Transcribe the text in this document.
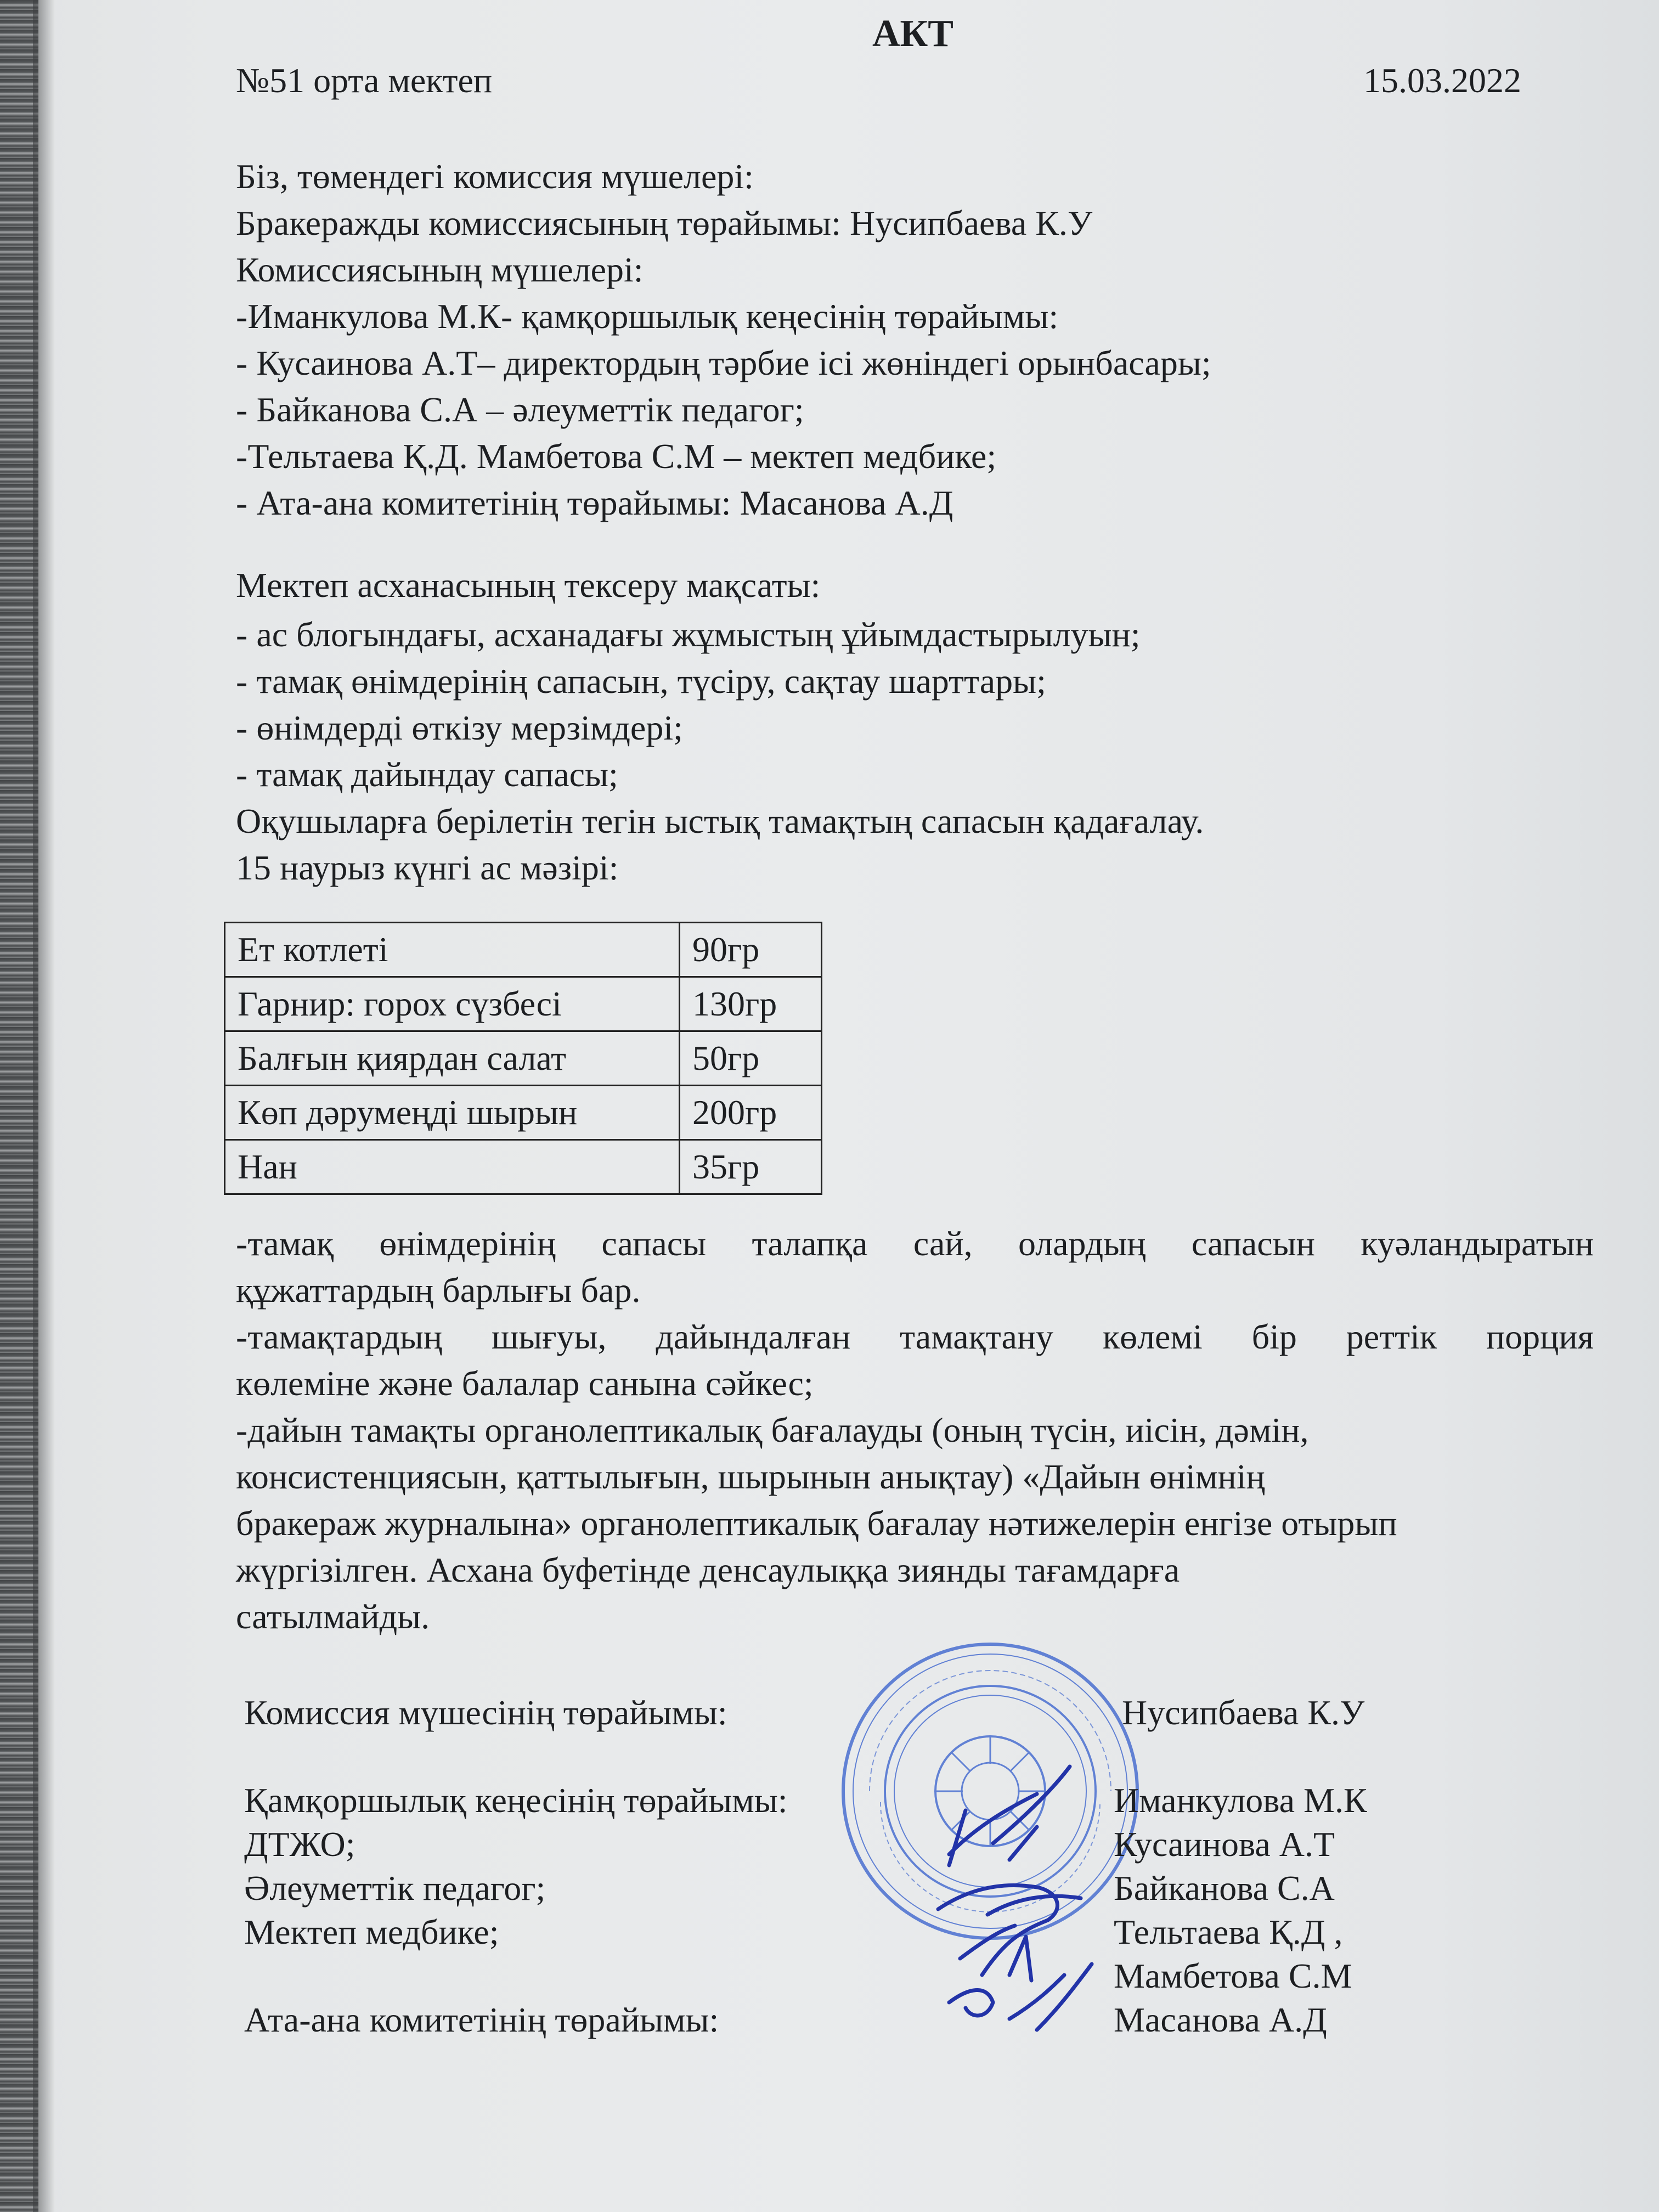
АКТ
№51 орта мектеп	15.03.2022
Біз, төмендегі комиссия мүшелері:
Бракеражды комиссиясының төрайымы: Нусипбаева К.У
Комиссиясының мүшелері:
-Иманкулова М.К- қамқоршылық кеңесінің төрайымы:
- Кусаинова А.Т– директордың тәрбие ісі жөніндегі орынбасары;
- Байканова С.А – әлеуметтік педагог;
-Тельтаева Қ.Д. Мамбетова С.М – мектеп медбике;
- Ата-ана комитетінің төрайымы: Масанова А.Д
Мектеп асханасының тексеру мақсаты:
- ас блогындағы, асханадағы жұмыстың ұйымдастырылуын;
- тамақ өнімдерінің сапасын, түсіру, сақтау шарттары;
- өнімдерді өткізу мерзімдері;
- тамақ дайындау сапасы;
Оқушыларға берілетін тегін ыстық тамақтың сапасын қадағалау.
15 наурыз күнгі ас мәзірі:
Ет котлеті	90гр
Гарнир: горох сүзбесі	130гр
Балғын қиярдан салат	50гр
Көп дәрумеңді шырын	200гр
Нан	35гр
-тамақ өнімдерінің сапасы талапқа сай, олардың сапасын куәландыратын
құжаттардың барлығы бар.
-тамақтардың шығуы, дайындалған тамақтану көлемі бір реттік порция
көлеміне және балалар санына сәйкес;
-дайын тамақты органолептикалық бағалауды (оның түсін, иісін, дәмін,
консистенциясын, қаттылығын, шырынын анықтау) «Дайын өнімнің
бракераж журналына» органолептикалық бағалау нәтижелерін енгізе отырып
жүргізілген. Асхана буфетінде денсаулыққа зиянды тағамдарға
сатылмайды.
Комиссия мүшесінің төрайымы:	Нусипбаева К.У
Қамқоршылық кеңесінің төрайымы:	Иманкулова М.К
ДТЖО;	Кусаинова А.Т
Әлеуметтік педагог;	Байканова С.А
Мектеп медбике;	Тельтаева Қ.Д ,
Мамбетова С.М
Ата-ана комитетінің төрайымы:	Масанова А.Д
